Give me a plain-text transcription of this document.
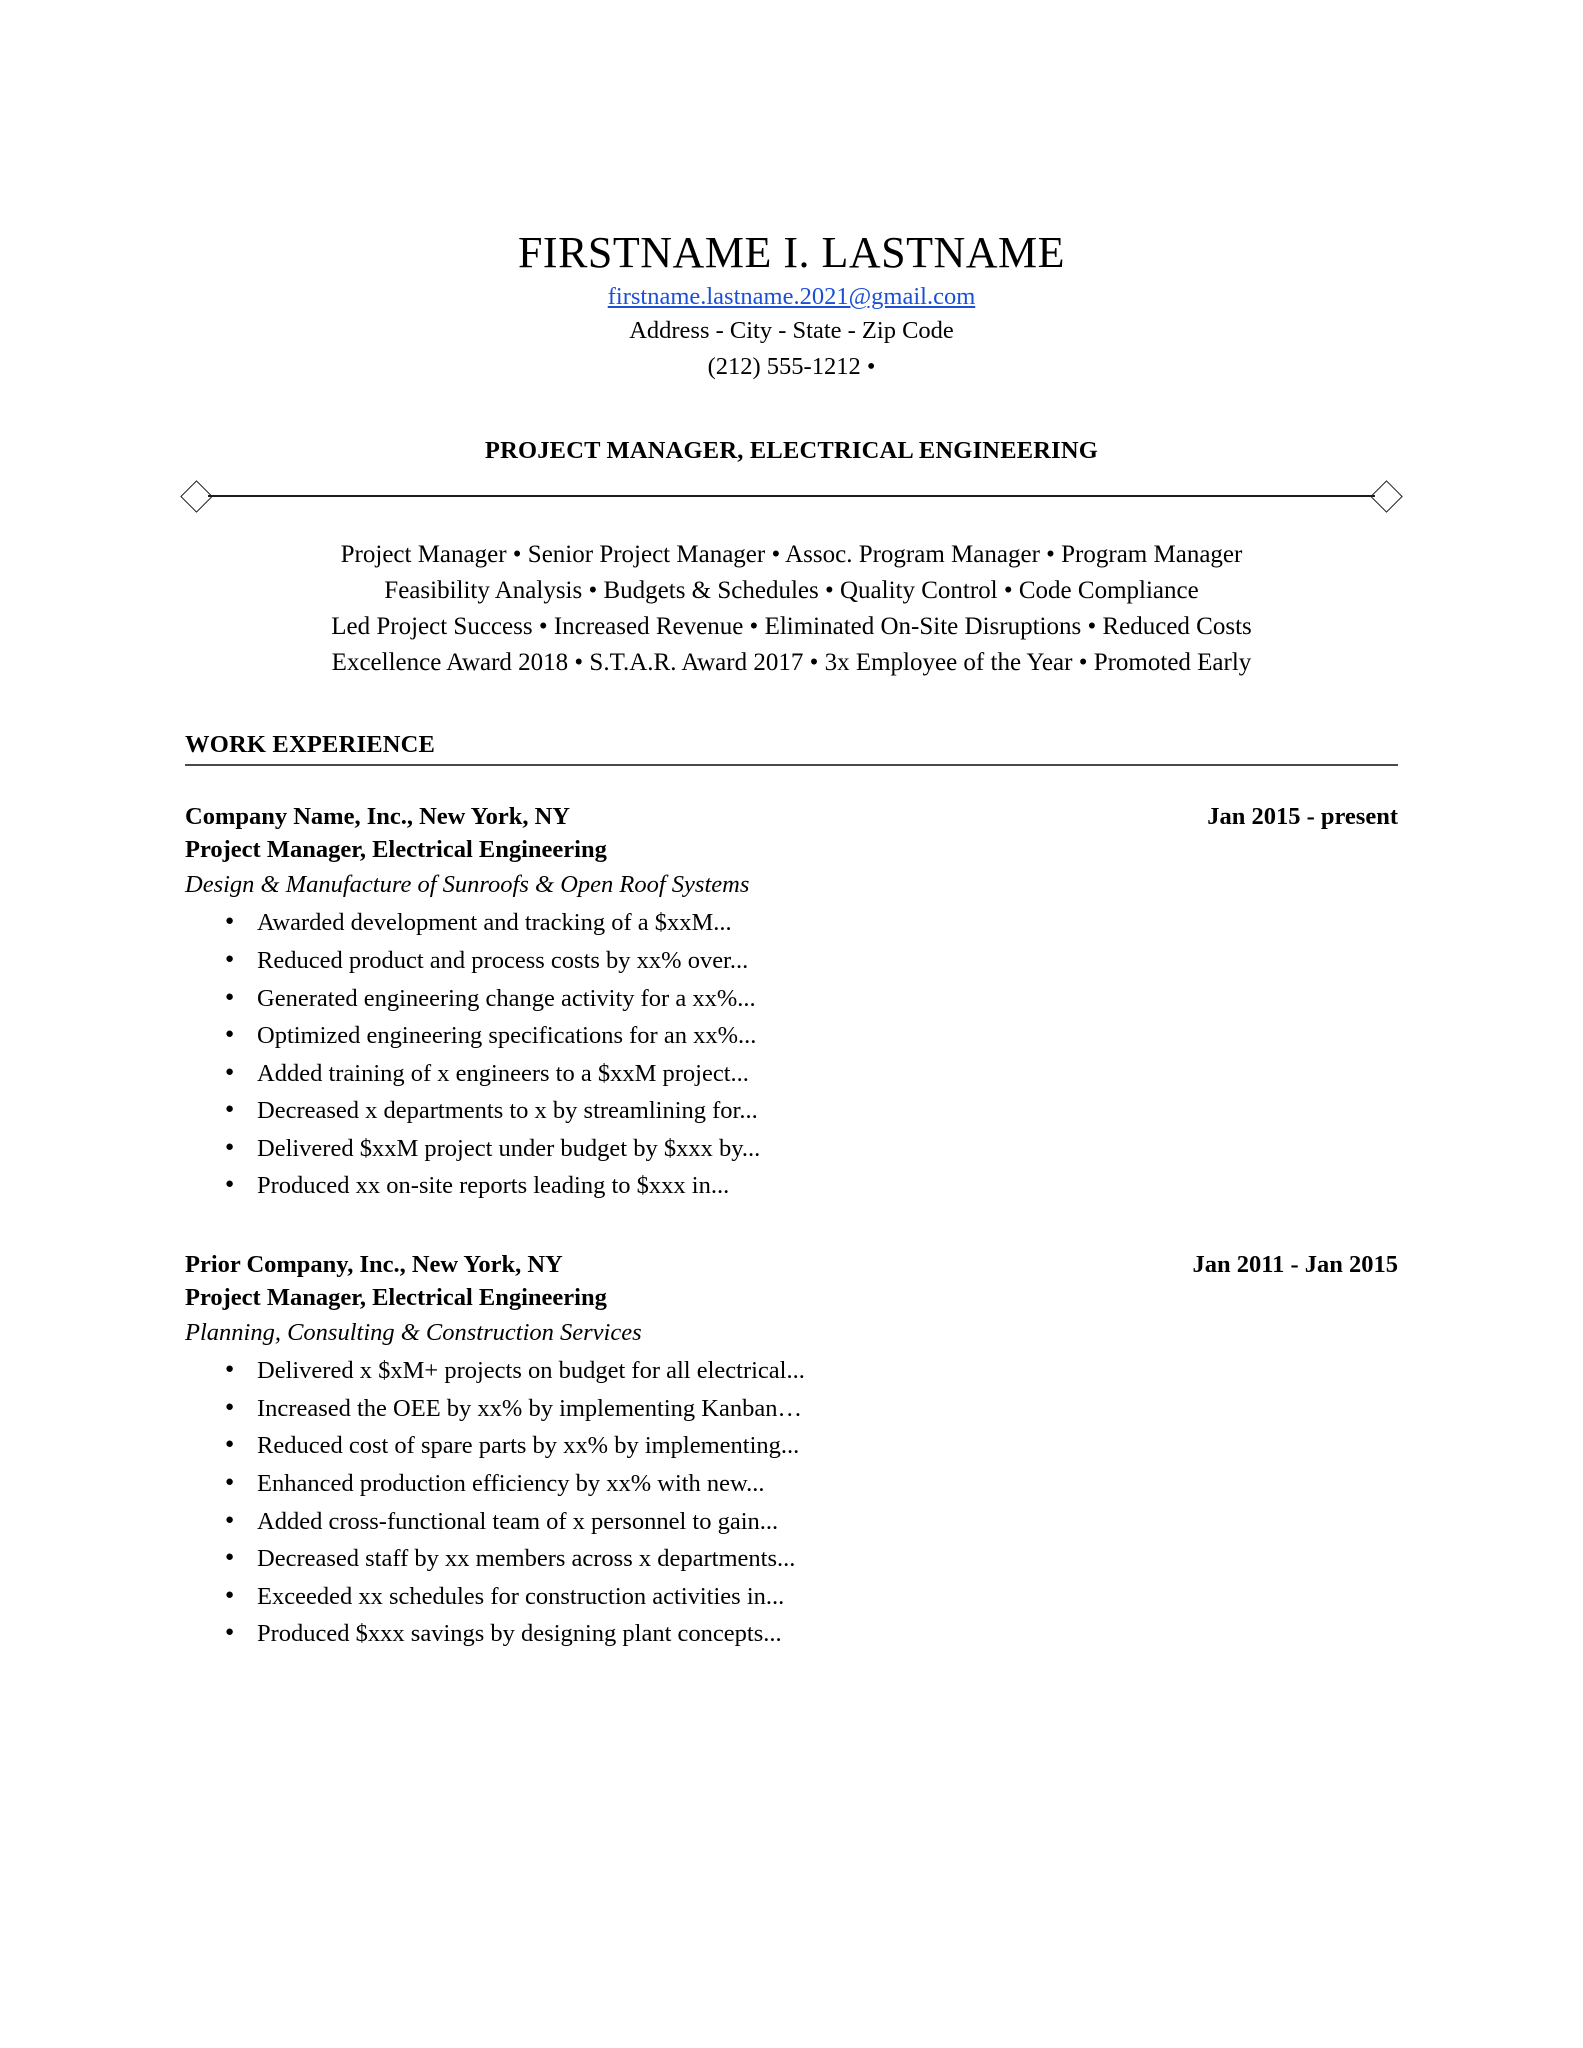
FIRSTNAME I. LASTNAME
firstname.lastname.2021@gmail.com
Address - City - State - Zip Code
(212) 555-1212 •
PROJECT MANAGER, ELECTRICAL ENGINEERING
Project Manager • Senior Project Manager • Assoc. Program Manager • Program Manager
Feasibility Analysis • Budgets & Schedules • Quality Control • Code Compliance
Led Project Success • Increased Revenue • Eliminated On-Site Disruptions • Reduced Costs
Excellence Award 2018 • S.T.A.R. Award 2017 • 3x Employee of the Year • Promoted Early
WORK EXPERIENCE
Company Name, Inc., New York, NY	Jan 2015 - present
Project Manager, Electrical Engineering
Design & Manufacture of Sunroofs & Open Roof Systems
● Awarded development and tracking of a $xxM...
● Reduced product and process costs by xx% over...
● Generated engineering change activity for a xx%...
● Optimized engineering specifications for an xx%...
● Added training of x engineers to a $xxM project...
● Decreased x departments to x by streamlining for...
● Delivered $xxM project under budget by $xxx by...
● Produced xx on-site reports leading to $xxx in...
Prior Company, Inc., New York, NY	Jan 2011 - Jan 2015
Project Manager, Electrical Engineering
Planning, Consulting & Construction Services
● Delivered x $xM+ projects on budget for all electrical...
● Increased the OEE by xx% by implementing Kanban…
● Reduced cost of spare parts by xx% by implementing...
● Enhanced production efficiency by xx% with new...
● Added cross-functional team of x personnel to gain...
● Decreased staff by xx members across x departments...
● Exceeded xx schedules for construction activities in...
● Produced $xxx savings by designing plant concepts...
